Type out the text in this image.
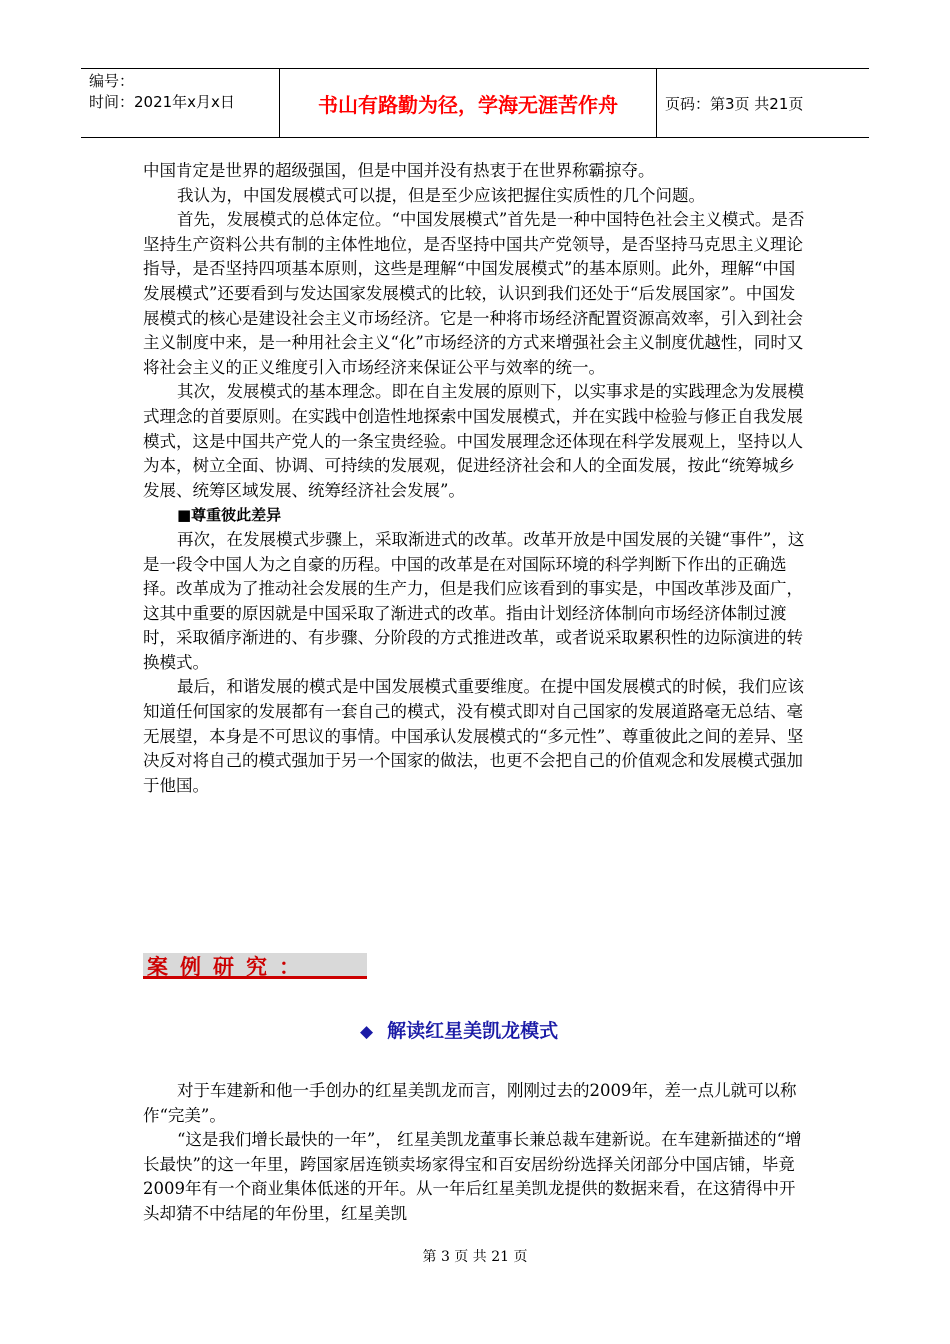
编号：
时间：2021年x月x日	书山有路勤为径，学海无涯苦作舟	页码：第3页 共21页

中国肯定是世界的超级强国，但是中国并没有热衷于在世界称霸掠夺。

我认为，中国发展模式可以提，但是至少应该把握住实质性的几个问题。

首先，发展模式的总体定位。“中国发展模式”首先是一种中国特色社会主义模式。是否坚持生产资料公共有制的主体性地位，是否坚持中国共产党领导，是否坚持马克思主义理论指导，是否坚持四项基本原则，这些是理解“中国发展模式”的基本原则。此外，理解“中国发展模式”还要看到与发达国家发展模式的比较，认识到我们还处于“后发展国家”。中国发展模式的核心是建设社会主义市场经济。它是一种将市场经济配置资源高效率，引入到社会主义制度中来，是一种用社会主义“化”市场经济的方式来增强社会主义制度优越性，同时又将社会主义的正义维度引入市场经济来保证公平与效率的统一。

其次，发展模式的基本理念。即在自主发展的原则下，以实事求是的实践理念为发展模式理念的首要原则。在实践中创造性地探索中国发展模式，并在实践中检验与修正自我发展模式，这是中国共产党人的一条宝贵经验。中国发展理念还体现在科学发展观上，坚持以人为本，树立全面、协调、可持续的发展观，促进经济社会和人的全面发展，按此“统筹城乡发展、统筹区域发展、统筹经济社会发展”。

■尊重彼此差异

再次，在发展模式步骤上，采取渐进式的改革。改革开放是中国发展的关键“事件”，这是一段令中国人为之自豪的历程。中国的改革是在对国际环境的科学判断下作出的正确选择。改革成为了推动社会发展的生产力，但是我们应该看到的事实是，中国改革涉及面广，这其中重要的原因就是中国采取了渐进式的改革。指由计划经济体制向市场经济体制过渡时，采取循序渐进的、有步骤、分阶段的方式推进改革，或者说采取累积性的边际演进的转换模式。

最后，和谐发展的模式是中国发展模式重要维度。在提中国发展模式的时候，我们应该知道任何国家的发展都有一套自己的模式，没有模式即对自己国家的发展道路毫无总结、毫无展望，本身是不可思议的事情。中国承认发展模式的“多元性”、尊重彼此之间的差异、坚决反对将自己的模式强加于另一个国家的做法，也更不会把自己的价值观念和发展模式强加于他国。

案例研究：
◆ 解读红星美凯龙模式

对于车建新和他一手创办的红星美凯龙而言，刚刚过去的2009年，差一点儿就可以称作“完美”。

“这是我们增长最快的一年”， 红星美凯龙董事长兼总裁车建新说。在车建新描述的“增长最快”的这一年里，跨国家居连锁卖场家得宝和百安居纷纷选择关闭部分中国店铺，毕竟2009年有一个商业集体低迷的开年。从一年后红星美凯龙提供的数据来看，在这猜得中开头却猜不中结尾的年份里，红星美凯

第 3 页 共 21 页
